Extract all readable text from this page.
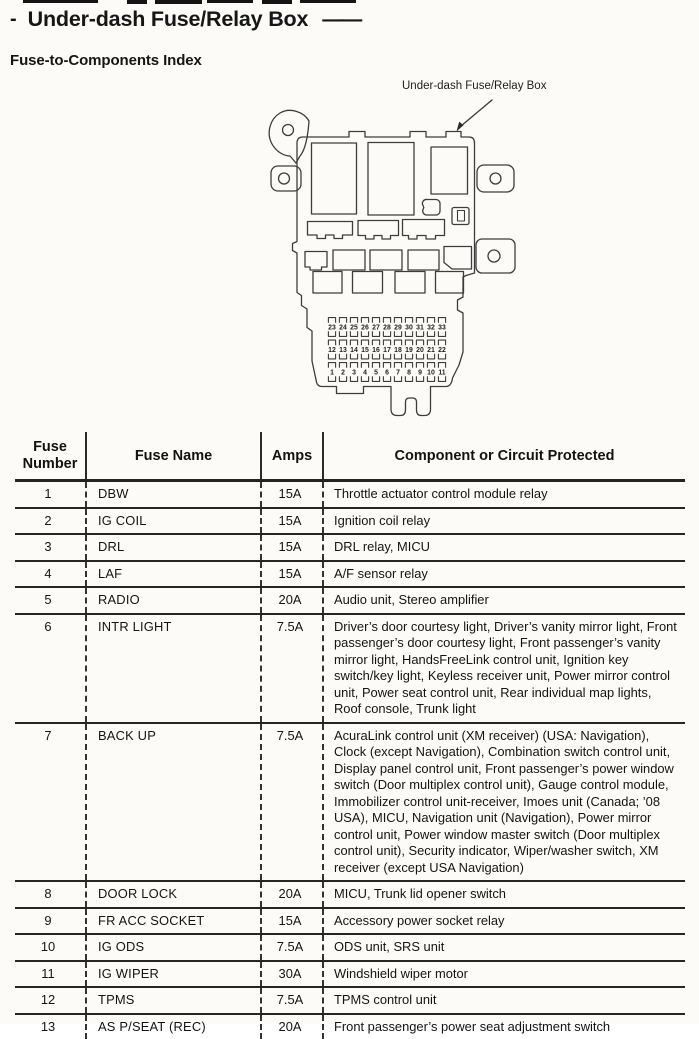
- Under-dash Fuse/Relay Box ——
Fuse-to-Components Index
Under-dash Fuse/Relay Box
23 24 25 26 27 28 29 30 31 32 33
12 13 14 15 16 17 18 19 20 21 22
1 2 3 4 5 6 7 8 9 10 11
Fuse Number	Fuse Name	Amps	Component or Circuit Protected
1	DBW	15A	Throttle actuator control module relay
2	IG COIL	15A	Ignition coil relay
3	DRL	15A	DRL relay, MICU
4	LAF	15A	A/F sensor relay
5	RADIO	20A	Audio unit, Stereo amplifier
6	INTR LIGHT	7.5A	Driver’s door courtesy light, Driver’s vanity mirror light, Front passenger’s door courtesy light, Front passenger’s vanity mirror light, HandsFreeLink control unit, Ignition key switch/key light, Keyless receiver unit, Power mirror control unit, Power seat control unit, Rear individual map lights, Roof console, Trunk light
7	BACK UP	7.5A	AcuraLink control unit (XM receiver) (USA: Navigation), Clock (except Navigation), Combination switch control unit, Display panel control unit, Front passenger’s power window switch (Door multiplex control unit), Gauge control module, Immobilizer control unit-receiver, Imoes unit (Canada; ’08 USA), MICU, Navigation unit (Navigation), Power mirror control unit, Power window master switch (Door multiplex control unit), Security indicator, Wiper/washer switch, XM receiver (except USA Navigation)
8	DOOR LOCK	20A	MICU, Trunk lid opener switch
9	FR ACC SOCKET	15A	Accessory power socket relay
10	IG ODS	7.5A	ODS unit, SRS unit
11	IG WIPER	30A	Windshield wiper motor
12	TPMS	7.5A	TPMS control unit
13	AS P/SEAT (REC)	20A	Front passenger’s power seat adjustment switch
